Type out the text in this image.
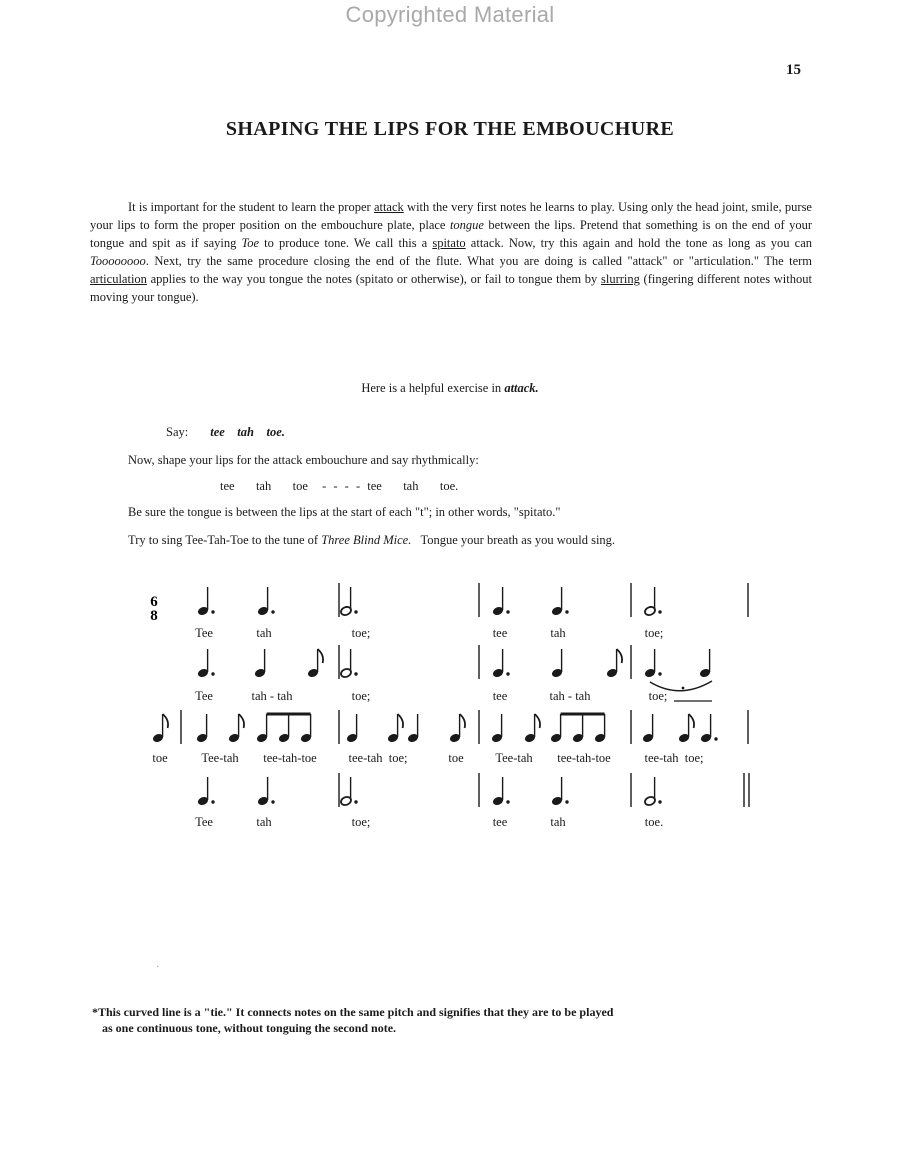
Copyrighted Material
15
SHAPING THE LIPS FOR THE EMBOUCHURE

It is important for the student to learn the proper attack with the very first notes he learns to play. Using only the head joint, smile, purse your lips to form the proper position on the embouchure plate, place tongue between the lips. Pretend that something is on the end of your tongue and spit as if saying Toe to produce tone. We call this a spitato attack. Now, try this again and hold the tone as long as you can Toooooooo. Next, try the same procedure closing the end of the flute. What you are doing is called "attack" or "articulation." The term articulation applies to the way you tongue the notes (spitato or otherwise), or fail to tongue them by slurring (fingering different notes without moving your tongue).

Here is a helpful exercise in attack.
Say: tee    tah    toe.
Now, shape your lips for the attack embouchure and say rhythmically:
tee   tah   toe  - - - - tee   tah   toe.
Be sure the tongue is between the lips at the start of each "t"; in other words, "spitato."
Try to sing Tee-Tah-Toe to the tune of Three Blind Mice.   Tongue your breath as you would sing.
6
8
Tee	tah	toe;	tee	tah	toe;
Tee	tah - tah	toe;	tee	tah - tah	toe;
toe	Tee-tah tee-tah-toe	tee-tah  toe;	toe	Tee-tah tee-tah-toe	tee-tah  toe;
Tee	tah	toe;	tee	tah	toe.
·

*This curved line is a "tie." It connects notes on the same pitch and signifies that they are to be played

as one continuous tone, without tonguing the second note.
